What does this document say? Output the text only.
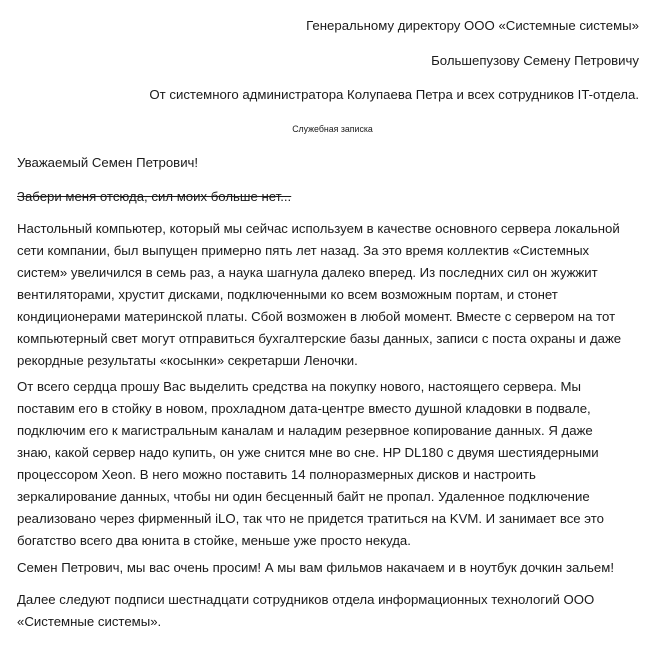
Генеральному директору ООО «Системные системы»
Большепузову Семену Петровичу
От системного администратора Колупаева Петра и всех сотрудников IT-отдела.
Служебная записка
Уважаемый Семен Петрович!
Забери меня отсюда, сил моих больше нет...
Настольный компьютер, который мы сейчас используем в качестве основного сервера локальной
сети компании, был выпущен примерно пять лет назад. За это время коллектив «Системных
систем» увеличился в семь раз, а наука шагнула далеко вперед. Из последних сил он жужжит
вентиляторами, хрустит дисками, подключенными ко всем возможным портам, и стонет
кондиционерами материнской платы. Сбой возможен в любой момент. Вместе с сервером на тот
компьютерный свет могут отправиться бухгалтерские базы данных, записи с поста охраны и даже
рекордные результаты «косынки» секретарши Леночки.
От всего сердца прошу Вас выделить средства на покупку нового, настоящего сервера. Мы
поставим его в стойку в новом, прохладном дата-центре вместо душной кладовки в подвале,
подключим его к магистральным каналам и наладим резервное копирование данных. Я даже
знаю, какой сервер надо купить, он уже снится мне во сне. HP DL180 с двумя шестиядерными
процессором Xeon. В него можно поставить 14 полноразмерных дисков и настроить
зеркалирование данных, чтобы ни один бесценный байт не пропал. Удаленное подключение
реализовано через фирменный iLO, так что не придется тратиться на KVM. И занимает все это
богатство всего два юнита в стойке, меньше уже просто некуда.
Семен Петрович, мы вас очень просим! А мы вам фильмов накачаем и в ноутбук дочкин зальем!
Далее следуют подписи шестнадцати сотрудников отдела информационных технологий ООО
«Системные системы».
